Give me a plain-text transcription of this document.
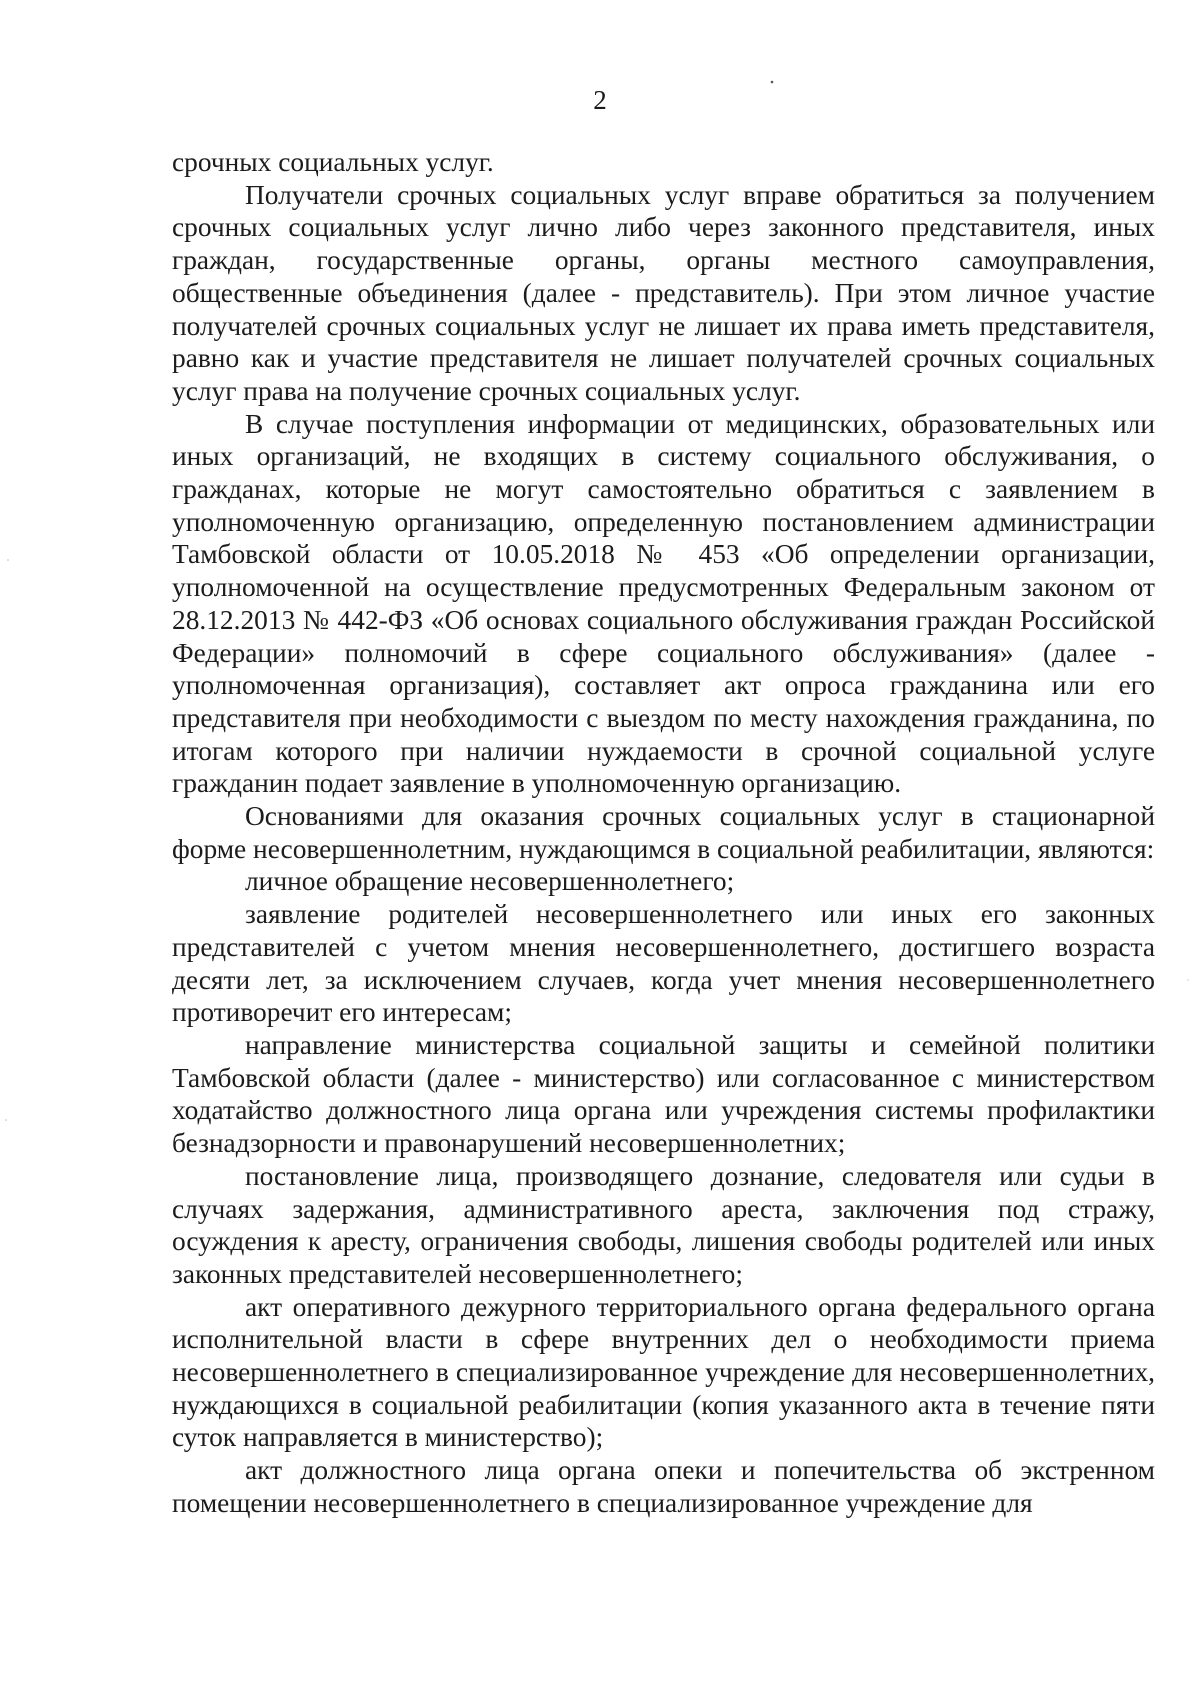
2

срочных социальных услуг.

Получатели срочных социальных услуг вправе обратиться за получением срочных социальных услуг лично либо через законного представителя, иных граждан, государственные органы, органы местного самоуправления, общественные объединения (далее - представитель). При этом личное участие получателей срочных социальных услуг не лишает их права иметь представителя, равно как и участие представителя не лишает получателей срочных социальных услуг права на получение срочных социальных услуг.

В случае поступления информации от медицинских, образовательных или иных организаций, не входящих в систему социального обслуживания, о гражданах, которые не могут самостоятельно обратиться с заявлением в уполномоченную организацию, определенную постановлением администрации Тамбовской области от 10.05.2018 № 453 «Об определении организации, уполномоченной на осуществление предусмотренных Федеральным законом от 28.12.2013 № 442-ФЗ «Об основах социального обслуживания граждан Российской Федерации» полномочий в сфере социального обслуживания» (далее - уполномоченная организация), составляет акт опроса гражданина или его представителя при необходимости с выездом по месту нахождения гражданина, по итогам которого при наличии нуждаемости в срочной социальной услуге гражданин подает заявление в уполномоченную организацию.

Основаниями для оказания срочных социальных услуг в стационарной форме несовершеннолетним, нуждающимся в социальной реабилитации, являются:

личное обращение несовершеннолетнего;

заявление родителей несовершеннолетнего или иных его законных представителей с учетом мнения несовершеннолетнего, достигшего возраста десяти лет, за исключением случаев, когда учет мнения несовершеннолетнего противоречит его интересам;

направление министерства социальной защиты и семейной политики Тамбовской области (далее - министерство) или согласованное с министерством ходатайство должностного лица органа или учреждения системы профилактики безнадзорности и правонарушений несовершеннолетних;

постановление лица, производящего дознание, следователя или судьи в случаях задержания, административного ареста, заключения под стражу, осуждения к аресту, ограничения свободы, лишения свободы родителей или иных законных представителей несовершеннолетнего;

акт оперативного дежурного территориального органа федерального органа исполнительной власти в сфере внутренних дел о необходимости приема несовершеннолетнего в специализированное учреждение для несовершеннолетних, нуждающихся в социальной реабилитации (копия указанного акта в течение пяти суток направляется в министерство);

акт должностного лица органа опеки и попечительства об экстренном помещении несовершеннолетнего в специализированное учреждение для
